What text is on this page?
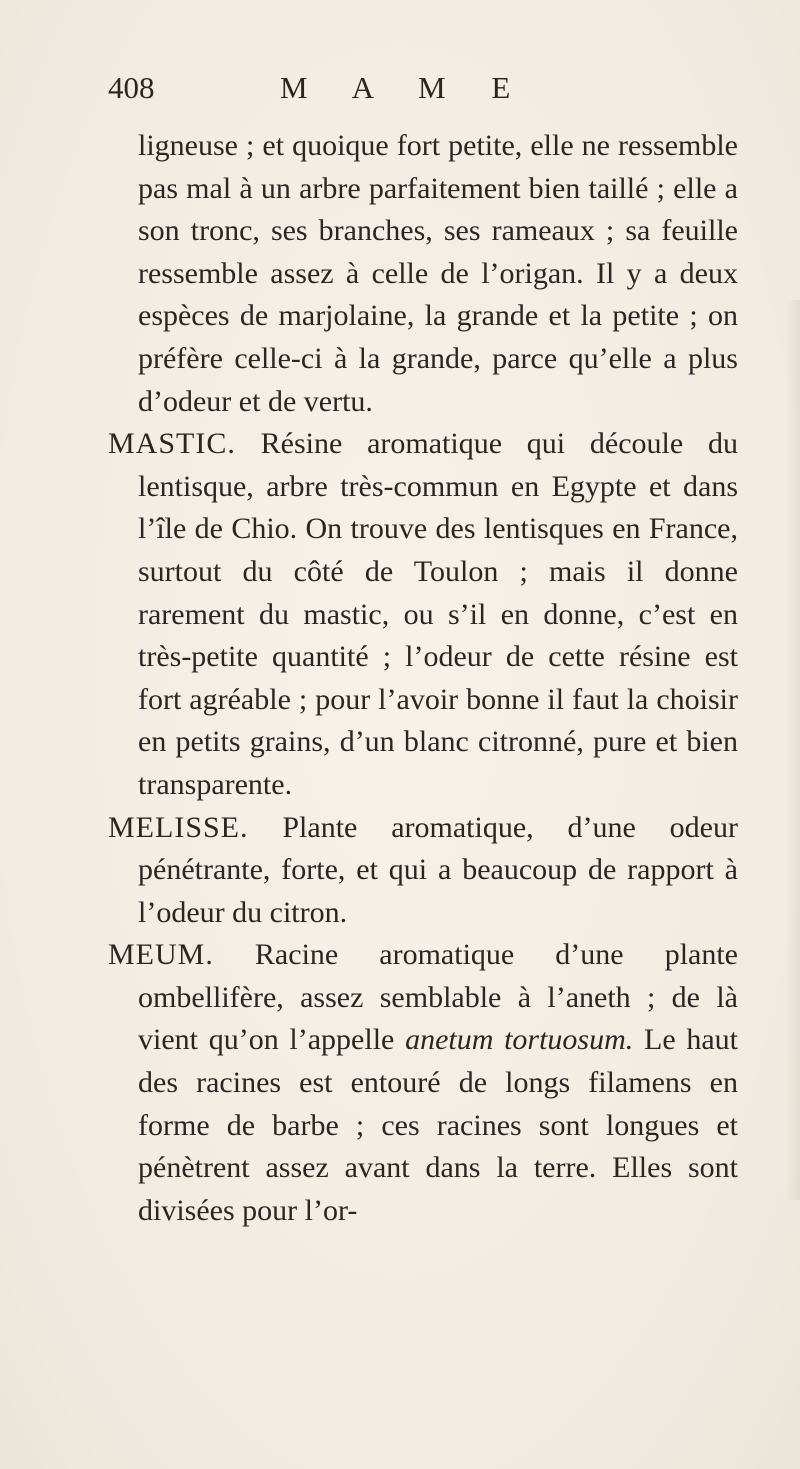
408	M A M E

ligneuse ; et quoique fort petite, elle ne ressemble pas mal à un arbre parfaitement bien taillé ; elle a son tronc, ses branches, ses rameaux ; sa feuille ressemble assez à celle de l’origan. Il y a deux espèces de marjolaine, la grande et la petite ; on préfère celle-ci à la grande, parce qu’elle a plus d’odeur et de vertu.

MASTIC. Résine aromatique qui découle du lentisque, arbre très-commun en Egypte et dans l’île de Chio. On trouve des lentisques en France, surtout du côté de Toulon ; mais il donne rarement du mastic, ou s’il en donne, c’est en très-petite quantité ; l’odeur de cette résine est fort agréable ; pour l’avoir bonne il faut la choisir en petits grains, d’un blanc citronné, pure et bien transparente.

MELISSE. Plante aromatique, d’une odeur pénétrante, forte, et qui a beaucoup de rapport à l’odeur du citron.

MEUM. Racine aromatique d’une plante ombellifère, assez semblable à l’aneth ; de là vient qu’on l’appelle anetum tortuosum. Le haut des racines est entouré de longs filamens en forme de barbe ; ces racines sont longues et pénètrent assez avant dans la terre. Elles sont divisées pour l’or-
